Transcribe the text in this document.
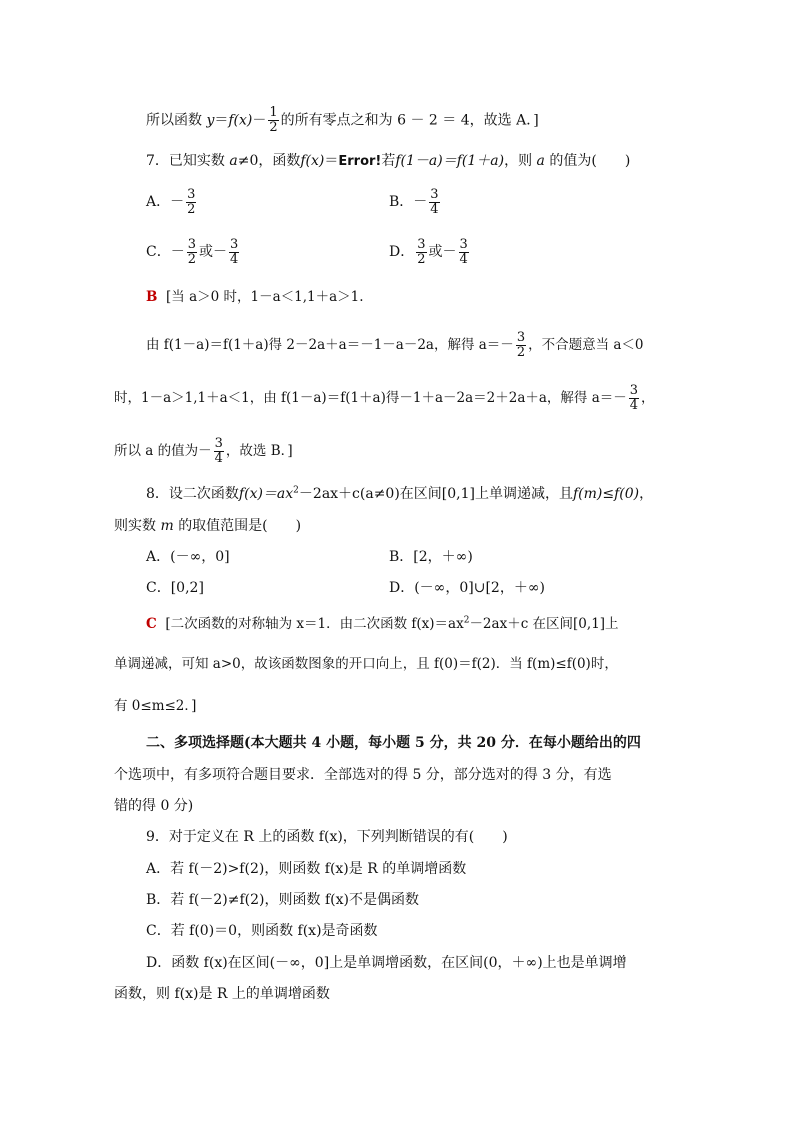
所以函数 $y=f(x)- \frac{1}{2}$ 的所有零点之和为 6 － 2 ＝ 4，故选 A．]
7．已知实数 a≠0，函数f(x)＝Error!若f(1－a)＝f(1＋a)，则 a 的值为(　　)
A．－ $\frac{3}{2}$	B．－ $\frac{3}{4}$
C．－ $\frac{3}{2}$ 或－ $\frac{3}{4}$	D． $\frac{3}{2}$ 或－ $\frac{3}{4}$
B [当 a＞0 时，1－a＜1,1＋a＞1.
由 f(1－a)＝f(1＋a)得 2－2a＋a＝－1－a－2a，解得 $a=- \frac{3}{2}$ ，不合题意当 a＜0
时，1－a＞1,1＋a＜1，由 f(1－a)＝f(1＋a)得－1＋a－2a＝2＋2a＋a，解得 $a=- \frac{3}{4}$ ，
所以 a 的值为－ $\frac{3}{4}$ ，故选 B．]
8．设二次函数$f(x)=ax^2-2ax+c(a\ne 0)$在区间[0,1]上单调递减，且f(m)≤f(0)，
则实数 m 的取值范围是(　　)
A．(－∞，0]	B．[2，＋∞)
C．[0,2]	D．(－∞，0]∪[2，＋∞)
C [二次函数的对称轴为 x＝1．由二次函数 $f(x)=ax^2-2ax+c$ 在区间[0,1]上
单调递减，可知 a>0，故该函数图象的开口向上，且 f(0)＝f(2)．当 f(m)≤f(0)时，
有 0≤m≤2．]
二、多项选择题(本大题共 4 小题，每小题 5 分，共 20 分．在每小题给出的四
个选项中，有多项符合题目要求．全部选对的得 5 分，部分选对的得 3 分，有选
错的得 0 分)
9．对于定义在 R 上的函数 f(x)，下列判断错误的有(　　)
A．若 f(－2)>f(2)，则函数 f(x)是 R 的单调增函数
B．若 f(－2)≠f(2)，则函数 f(x)不是偶函数
C．若 f(0)＝0，则函数 f(x)是奇函数
D．函数 f(x)在区间(－∞，0]上是单调增函数，在区间(0，＋∞)上也是单调增
函数，则 f(x)是 R 上的单调增函数
